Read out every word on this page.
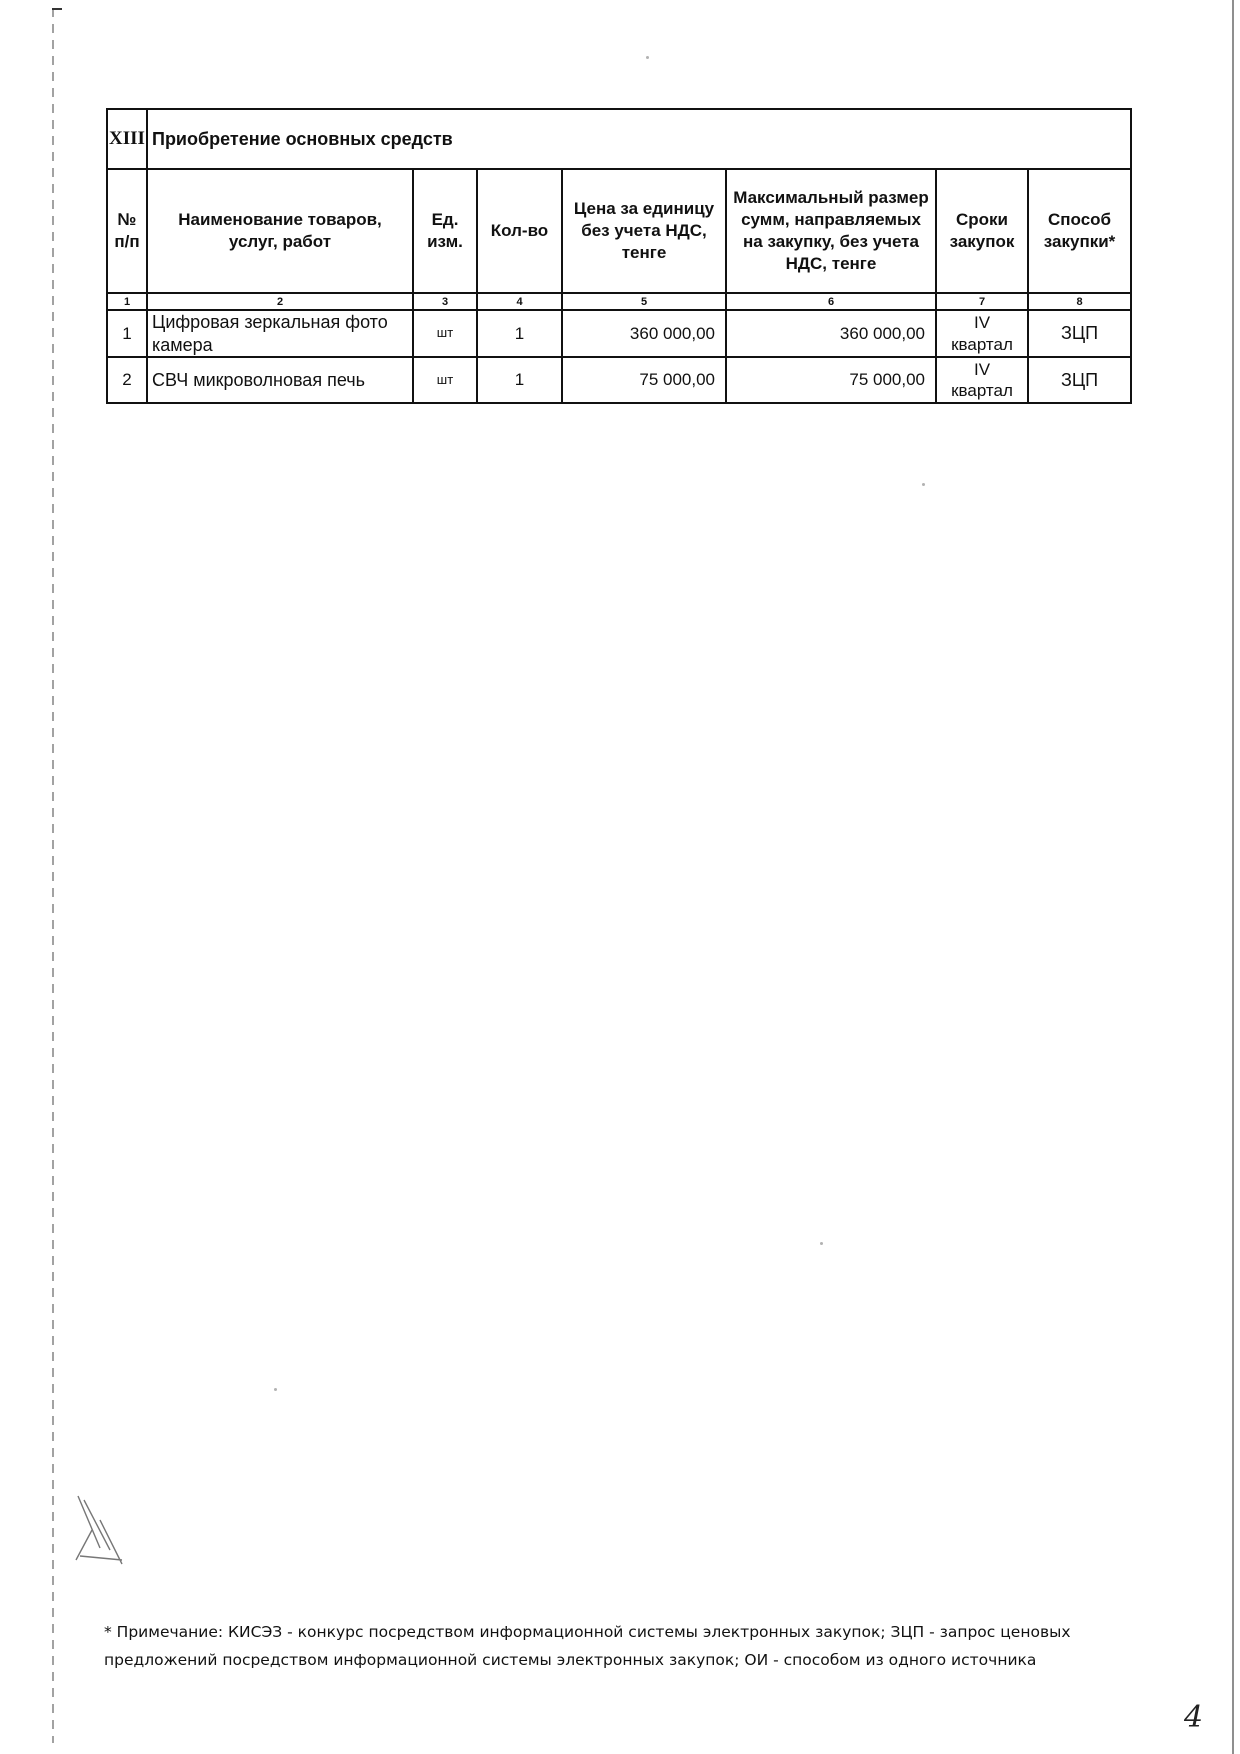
XIII	Приобретение основных средств						
№ п/п	Наименование товаров, услуг, работ	Ед. изм.	Кол-во	Цена за единицу без учета НДС, тенге	Максимальный размер сумм, направляемых на закупку, без учета НДС, тенге	Сроки закупок	Способ закупки*
1	2	3	4	5	6	7	8
1	Цифровая зеркальная фото камера	шт	1	360 000,00	360 000,00	IV квартал	ЗЦП
2	СВЧ микроволновая печь	шт	1	75 000,00	75 000,00	IV квартал	ЗЦП
* Примечание: КИСЭЗ - конкурс посредством информационной системы электронных закупок; ЗЦП - запрос ценовых предложений посредством информационной системы электронных закупок; ОИ - способом из одного источника
4
